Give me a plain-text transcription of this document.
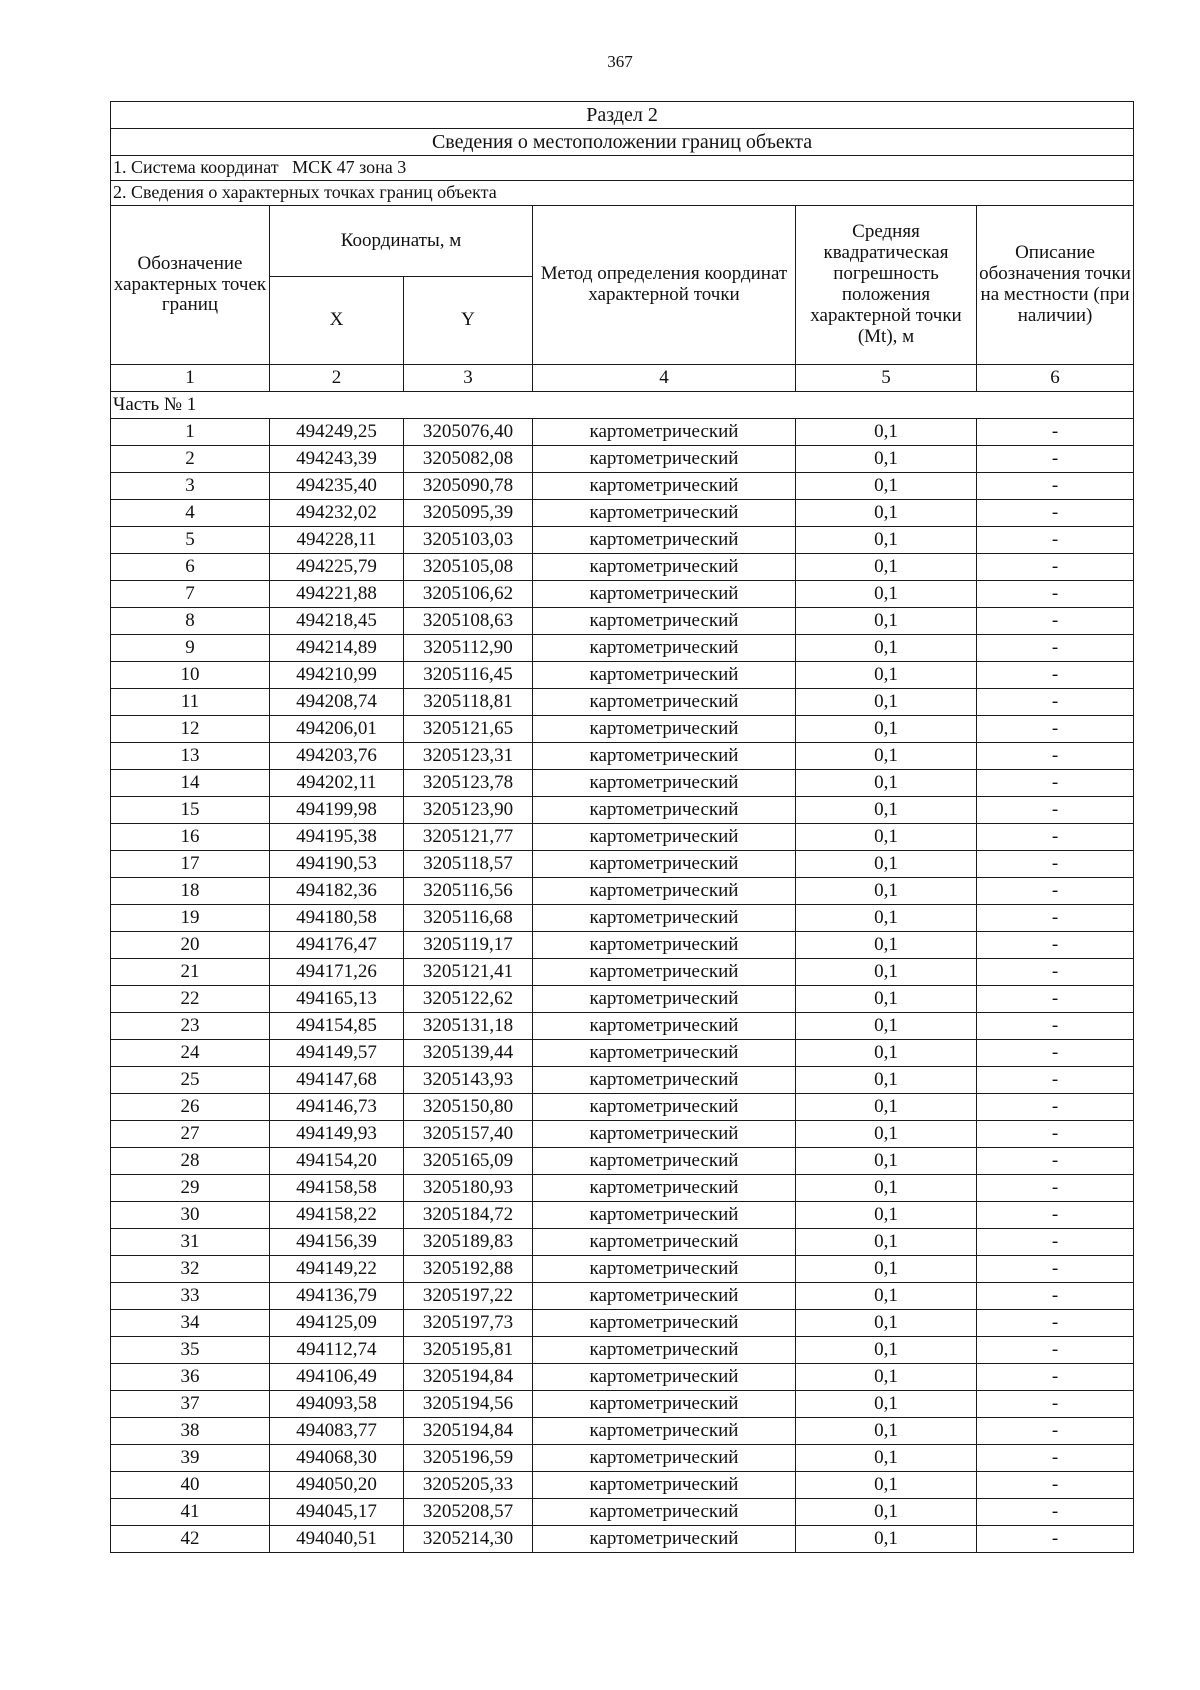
367
Раздел 2					
Сведения о местоположении границ объекта					
1. Система координат   МСК 47 зона 3					
2. Сведения о характерных точках границ объекта					
Обозначение характерных точек границ	Координаты, м		Метод определения координат характерной точки	Средняя квадратическая погрешность положения характерной точки (Mt), м	Описание обозначения точки на местности (при наличии)
	X	Y			
1	2	3	4	5	6
Часть № 1					
1	494249,25	3205076,40	картометрический	0,1	-
2	494243,39	3205082,08	картометрический	0,1	-
3	494235,40	3205090,78	картометрический	0,1	-
4	494232,02	3205095,39	картометрический	0,1	-
5	494228,11	3205103,03	картометрический	0,1	-
6	494225,79	3205105,08	картометрический	0,1	-
7	494221,88	3205106,62	картометрический	0,1	-
8	494218,45	3205108,63	картометрический	0,1	-
9	494214,89	3205112,90	картометрический	0,1	-
10	494210,99	3205116,45	картометрический	0,1	-
11	494208,74	3205118,81	картометрический	0,1	-
12	494206,01	3205121,65	картометрический	0,1	-
13	494203,76	3205123,31	картометрический	0,1	-
14	494202,11	3205123,78	картометрический	0,1	-
15	494199,98	3205123,90	картометрический	0,1	-
16	494195,38	3205121,77	картометрический	0,1	-
17	494190,53	3205118,57	картометрический	0,1	-
18	494182,36	3205116,56	картометрический	0,1	-
19	494180,58	3205116,68	картометрический	0,1	-
20	494176,47	3205119,17	картометрический	0,1	-
21	494171,26	3205121,41	картометрический	0,1	-
22	494165,13	3205122,62	картометрический	0,1	-
23	494154,85	3205131,18	картометрический	0,1	-
24	494149,57	3205139,44	картометрический	0,1	-
25	494147,68	3205143,93	картометрический	0,1	-
26	494146,73	3205150,80	картометрический	0,1	-
27	494149,93	3205157,40	картометрический	0,1	-
28	494154,20	3205165,09	картометрический	0,1	-
29	494158,58	3205180,93	картометрический	0,1	-
30	494158,22	3205184,72	картометрический	0,1	-
31	494156,39	3205189,83	картометрический	0,1	-
32	494149,22	3205192,88	картометрический	0,1	-
33	494136,79	3205197,22	картометрический	0,1	-
34	494125,09	3205197,73	картометрический	0,1	-
35	494112,74	3205195,81	картометрический	0,1	-
36	494106,49	3205194,84	картометрический	0,1	-
37	494093,58	3205194,56	картометрический	0,1	-
38	494083,77	3205194,84	картометрический	0,1	-
39	494068,30	3205196,59	картометрический	0,1	-
40	494050,20	3205205,33	картометрический	0,1	-
41	494045,17	3205208,57	картометрический	0,1	-
42	494040,51	3205214,30	картометрический	0,1	-
